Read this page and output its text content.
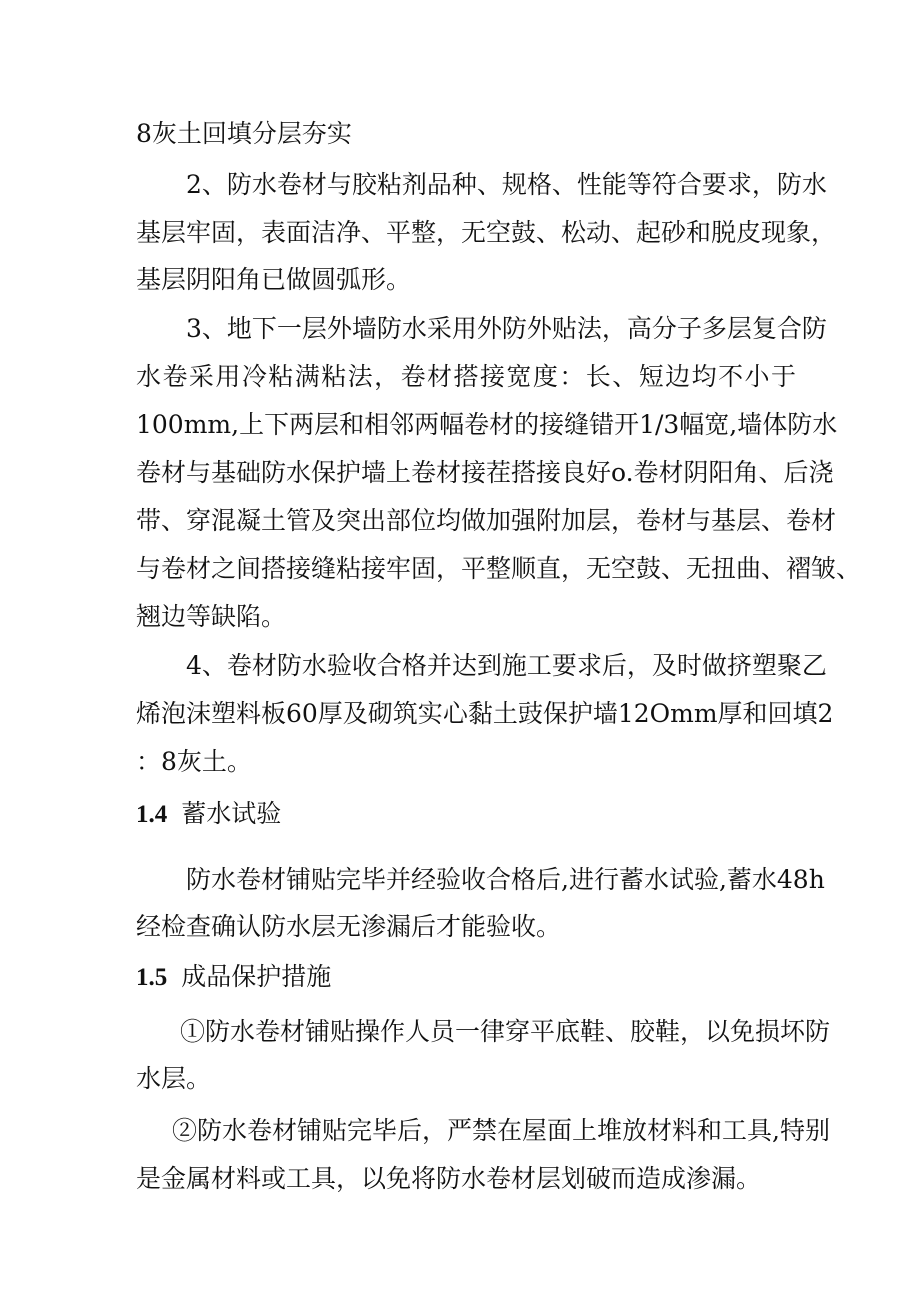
8灰土回填分层夯实
2、防水卷材与胶粘剂品种、规格、性能等符合要求，防水
基层牢固，表面洁净、平整，无空鼓、松动、起砂和脱皮现象，
基层阴阳角已做圆弧形。
3、地下一层外墙防水采用外防外贴法，高分子多层复合防
水卷采用冷粘满粘法，卷材搭接宽度：长、短边均不小于
100mm,上下两层和相邻两幅卷材的接缝错开1/3幅宽,墙体防水
卷材与基础防水保护墙上卷材接茬搭接良好o.卷材阴阳角、后浇
带、穿混凝土管及突出部位均做加强附加层，卷材与基层、卷材
与卷材之间搭接缝粘接牢固，平整顺直，无空鼓、无扭曲、褶皱、
翘边等缺陷。
4、卷材防水验收合格并达到施工要求后，及时做挤塑聚乙
烯泡沫塑料板60厚及砌筑实心黏土豉保护墙12Omm厚和回填2
：8灰土。
1.4 蓄水试验
防水卷材铺贴完毕并经验收合格后,进行蓄水试验,蓄水48h
经检查确认防水层无渗漏后才能验收。
1.5 成品保护措施
①防水卷材铺贴操作人员一律穿平底鞋、胶鞋，以免损坏防
水层。
②防水卷材铺贴完毕后，严禁在屋面上堆放材料和工具,特别
是金属材料或工具，以免将防水卷材层划破而造成渗漏。
